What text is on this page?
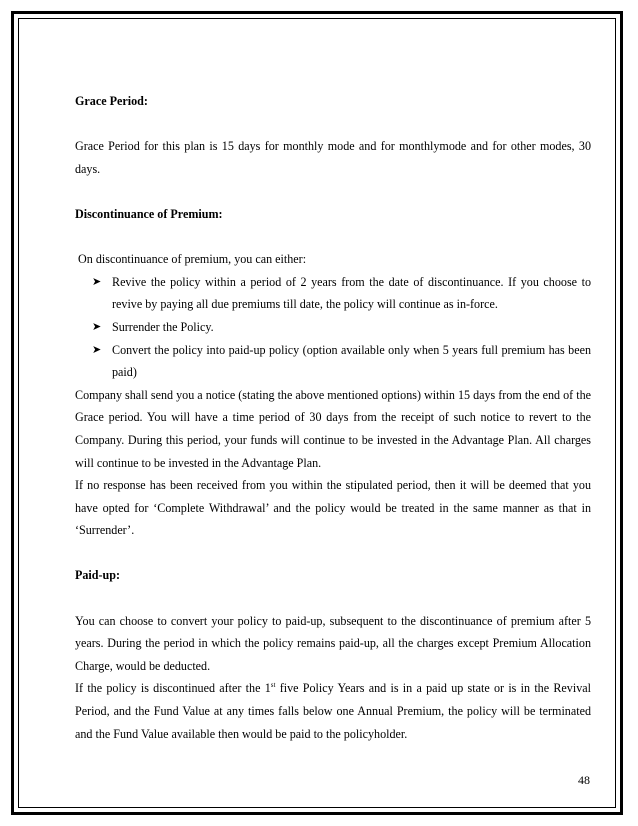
Grace Period:

Grace Period for this plan is 15 days for monthly mode and for monthlymode and for other modes, 30 days.

Discontinuance of Premium:

On discontinuance of premium, you can either:

➤ Revive the policy within a period of 2 years from the date of discontinuance. If you choose to revive by paying all due premiums till date, the policy will continue as in-force.
➤ Surrender the Policy.
➤ Convert the policy into paid-up policy (option available only when 5 years full premium has been paid)

Company shall send you a notice (stating the above mentioned options) within 15 days from the end of the Grace period. You will have a time period of 30 days from the receipt of such notice to revert to the Company. During this period, your funds will continue to be invested in the Advantage Plan. All charges will continue to be invested in the Advantage Plan.

If no response has been received from you within the stipulated period, then it will be deemed that you have opted for ‘Complete Withdrawal’ and the policy would be treated in the same manner as that in ‘Surrender’.

Paid-up:

You can choose to convert your policy to paid-up, subsequent to the discontinuance of premium after 5 years. During the period in which the policy remains paid-up, all the charges except Premium Allocation Charge, would be deducted.

If the policy is discontinued after the 1st five Policy Years and is in a paid up state or is in the Revival Period, and the Fund Value at any times falls below one Annual Premium, the policy will be terminated and the Fund Value available then would be paid to the policyholder.

48
